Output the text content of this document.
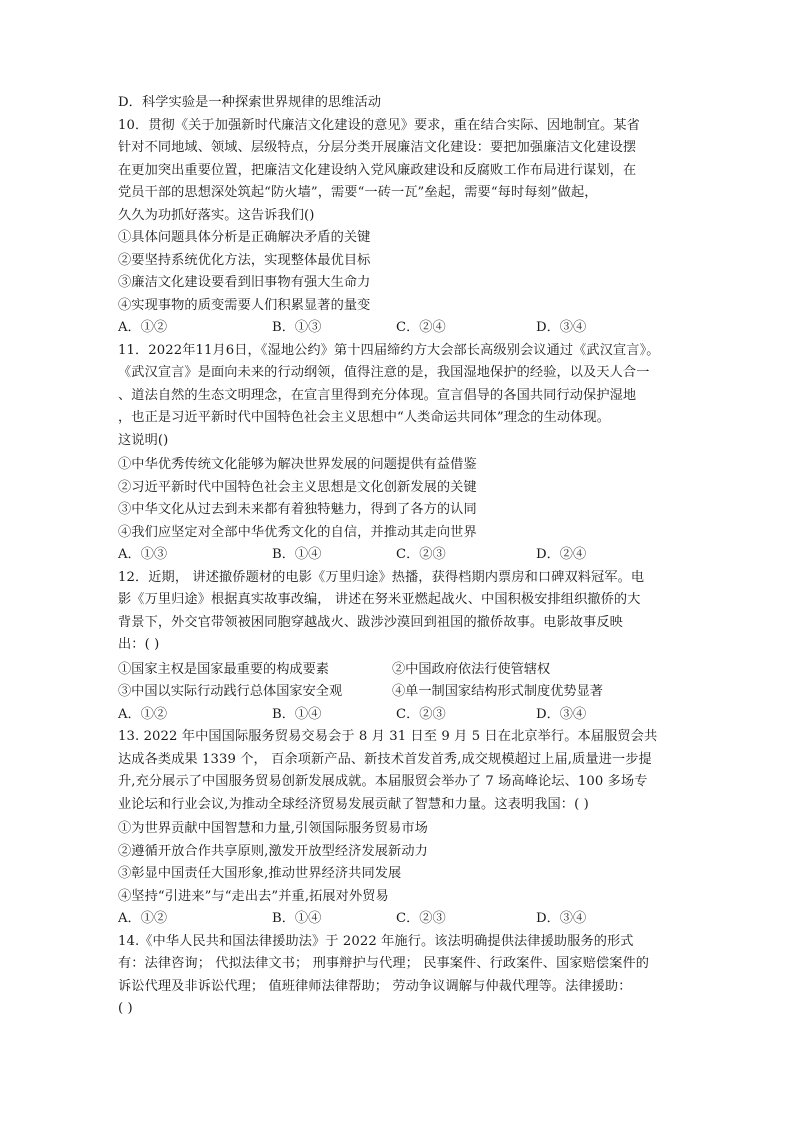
D．科学实验是一种探索世界规律的思维活动
10．贯彻《关于加强新时代廉洁文化建设的意见》要求，重在结合实际、因地制宜。某省
针对不同地域、领域、层级特点，分层分类开展廉洁文化建设：要把加强廉洁文化建设摆
在更加突出重要位置，把廉洁文化建设纳入党风廉政建设和反腐败工作布局进行谋划，在
党员干部的思想深处筑起“防火墙”，需要“一砖一瓦”垒起，需要“每时每刻”做起，
久久为功抓好落实。这告诉我们()
①具体问题具体分析是正确解决矛盾的关键
②要坚持系统优化方法，实现整体最优目标
③廉洁文化建设要看到旧事物有强大生命力
④实现事物的质变需要人们积累显著的量变
A．①②	B．①③	C．②④	D．③④
11．2022年11月6日，《湿地公约》第十四届缔约方大会部长高级别会议通过《武汉宣言》。
《武汉宣言》是面向未来的行动纲领，值得注意的是，我国湿地保护的经验，以及天人合一
、道法自然的生态文明理念，在宣言里得到充分体现。宣言倡导的各国共同行动保护湿地
，也正是习近平新时代中国特色社会主义思想中“人类命运共同体”理念的生动体现。
这说明()
①中华优秀传统文化能够为解决世界发展的问题提供有益借鉴
②习近平新时代中国特色社会主义思想是文化创新发展的关键
③中华文化从过去到未来都有着独特魅力，得到了各方的认同
④我们应坚定对全部中华优秀文化的自信，并推动其走向世界
A．①③	B．①④	C．②③	D．②④
12．近期， 讲述撤侨题材的电影《万里归途》热播，获得档期内票房和口碑双料冠军。电
影《万里归途》根据真实故事改编， 讲述在努米亚燃起战火、中国积极安排组织撤侨的大
背景下，外交官带领被困同胞穿越战火、跋涉沙漠回到祖国的撤侨故事。电影故事反映
出：( )
①国家主权是国家最重要的构成要素	②中国政府依法行使管辖权
③中国以实际行动践行总体国家安全观	④单一制国家结构形式制度优势显著
A．①②	B．①④	C．②③	D．③④
13. 2022 年中国国际服务贸易交易会于 8 月 31 日至 9 月 5 日在北京举行。本届服贸会共
达成各类成果 1339 个， 百余项新产品、新技术首发首秀,成交规模超过上届,质量进一步提
升,充分展示了中国服务贸易创新发展成就。本届服贸会举办了 7 场高峰论坛、100 多场专
业论坛和行业会议,为推动全球经济贸易发展贡献了智慧和力量。这表明我国：( )
①为世界贡献中国智慧和力量,引领国际服务贸易市场
②遵循开放合作共享原则,激发开放型经济发展新动力
③彰显中国责任大国形象,推动世界经济共同发展
④坚持“引进来”与“走出去”并重,拓展对外贸易
A．①②	B．①④	C．②③	D．③④
14.《中华人民共和国法律援助法》于 2022 年施行。该法明确提供法律援助服务的形式
有：法律咨询； 代拟法律文书； 刑事辩护与代理； 民事案件、行政案件、国家赔偿案件的
诉讼代理及非诉讼代理； 值班律师法律帮助； 劳动争议调解与仲裁代理等。法律援助：
( )
